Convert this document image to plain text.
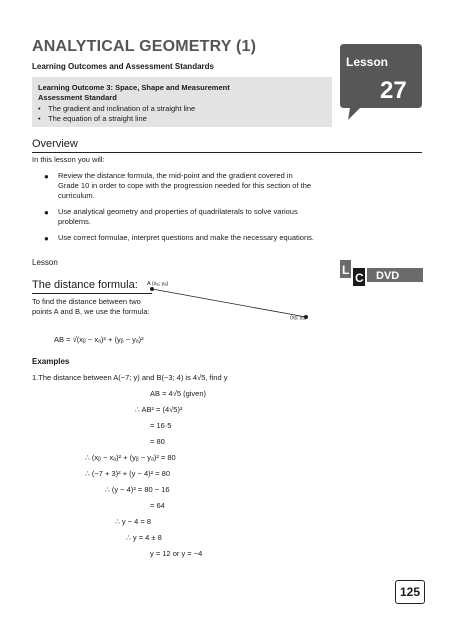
ANALYTICAL GEOMETRY (1)
Learning Outcomes and Assessment Standards
Learning Outcome 3: Space, Shape and Measurement
Assessment Standard
• The gradient and inclination of a straight line
• The equation of a straight line
Lesson
27
Overview
In this lesson you will:
● Review the distance formula, the mid-point and the gradient covered in Grade 10 in order to cope with the progression needed for this section of the curriculum.
● Use analytical geometry and properties of quadrilaterals to solve various problems.
● Use correct formulae, interpret questions and make the necessary equations.
Lesson
L
C DVD
The distance formula:
To find the distance between two points A and B, we use the formula:
A (xₐ; yₐ)
(xᵦ; yᵦ)
AB = √(xᵦ − xₐ)² + (yᵦ − yₐ)²
Examples
1.The distance between A(−7; y) and B(−3; 4) is 4√5, find y
AB = 4√5 (given)
∴ AB² = (4√5)²
= 16·5
= 80
∴ (xᵦ − xₐ)² + (yᵦ − yₐ)² = 80
∴ (−7 + 3)² + (y − 4)² = 80
∴ (y − 4)² = 80 − 16
= 64
∴ y − 4 = 8
∴ y = 4 ± 8
y = 12 or y = −4
125
